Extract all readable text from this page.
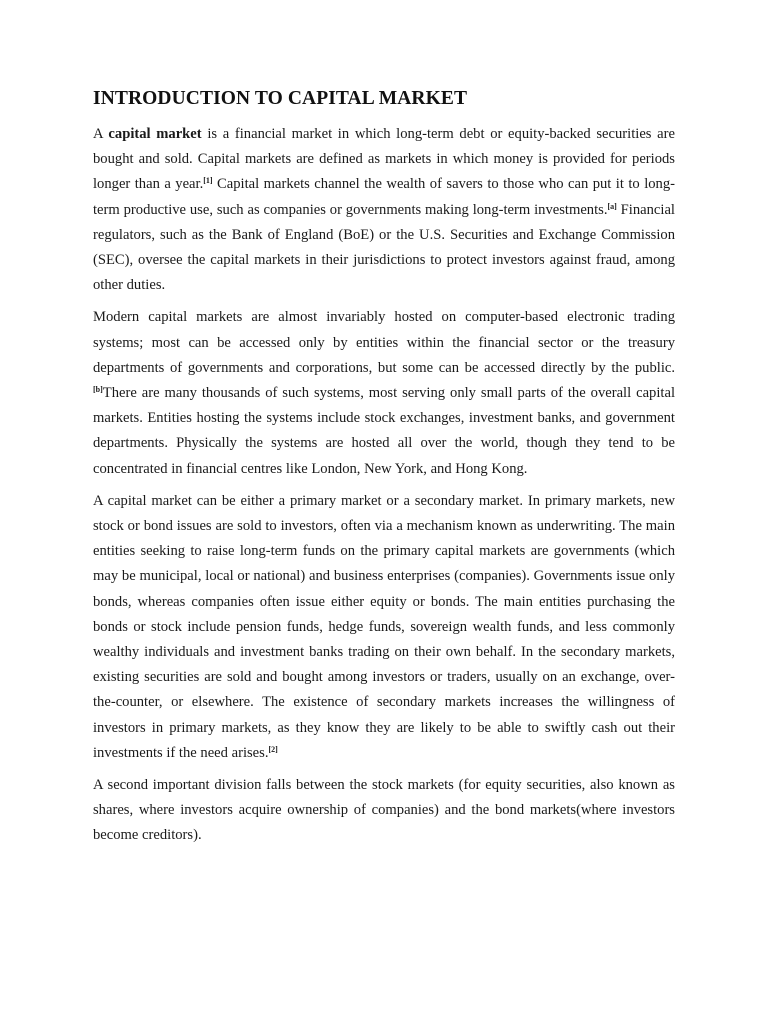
INTRODUCTION TO CAPITAL MARKET

A capital market is a financial market in which long-term debt or equity-backed securities are bought and sold. Capital markets are defined as markets in which money is provided for periods longer than a year.[1] Capital markets channel the wealth of savers to those who can put it to long-term productive use, such as companies or governments making long-term investments.[a] Financial regulators, such as the Bank of England (BoE) or the U.S. Securities and Exchange Commission (SEC), oversee the capital markets in their jurisdictions to protect investors against fraud, among other duties.

Modern capital markets are almost invariably hosted on computer-based electronic trading systems; most can be accessed only by entities within the financial sector or the treasury departments of governments and corporations, but some can be accessed directly by the public.[b]There are many thousands of such systems, most serving only small parts of the overall capital markets. Entities hosting the systems include stock exchanges, investment banks, and government departments. Physically the systems are hosted all over the world, though they tend to be concentrated in financial centres like London, New York, and Hong Kong.

A capital market can be either a primary market or a secondary market. In primary markets, new stock or bond issues are sold to investors, often via a mechanism known as underwriting. The main entities seeking to raise long-term funds on the primary capital markets are governments (which may be municipal, local or national) and business enterprises (companies). Governments issue only bonds, whereas companies often issue either equity or bonds. The main entities purchasing the bonds or stock include pension funds, hedge funds, sovereign wealth funds, and less commonly wealthy individuals and investment banks trading on their own behalf. In the secondary markets, existing securities are sold and bought among investors or traders, usually on an exchange, over-the-counter, or elsewhere. The existence of secondary markets increases the willingness of investors in primary markets, as they know they are likely to be able to swiftly cash out their investments if the need arises.[2]

A second important division falls between the stock markets (for equity securities, also known as shares, where investors acquire ownership of companies) and the bond markets(where investors become creditors).
